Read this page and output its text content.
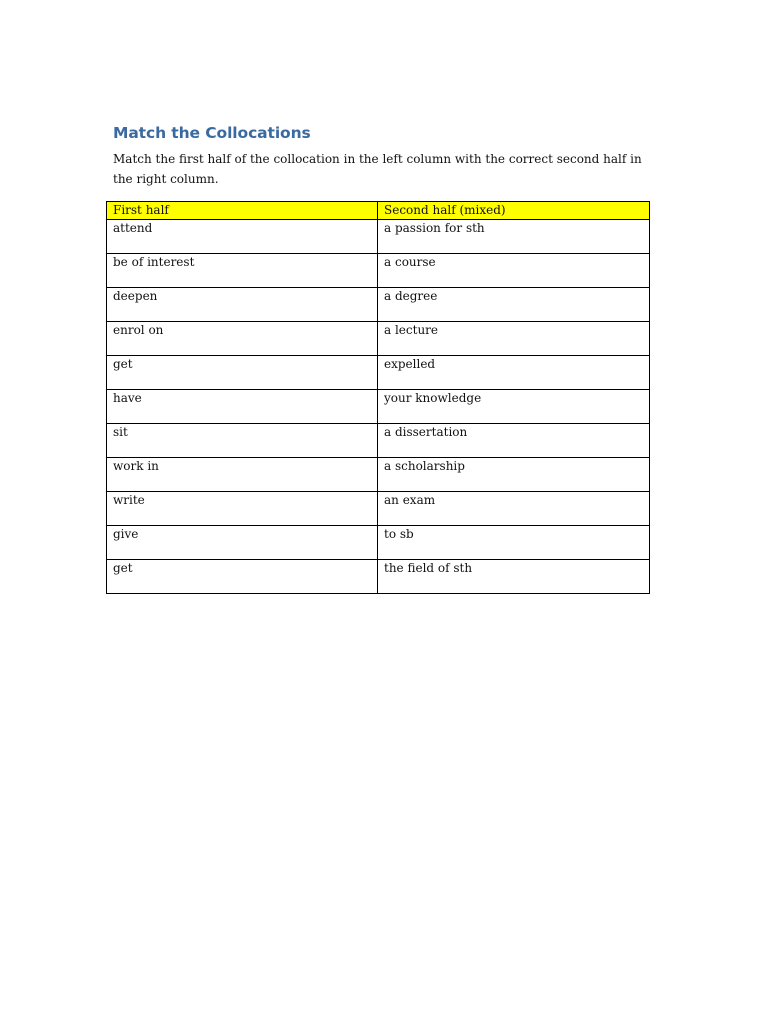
Match the Collocations
Match the first half of the collocation in the left column with the correct second half in the right column.
First half	Second half (mixed)
attend	a passion for sth
be of interest	a course
deepen	a degree
enrol on	a lecture
get	expelled
have	your knowledge
sit	a dissertation
work in	a scholarship
write	an exam
give	to sb
get	the field of sth
